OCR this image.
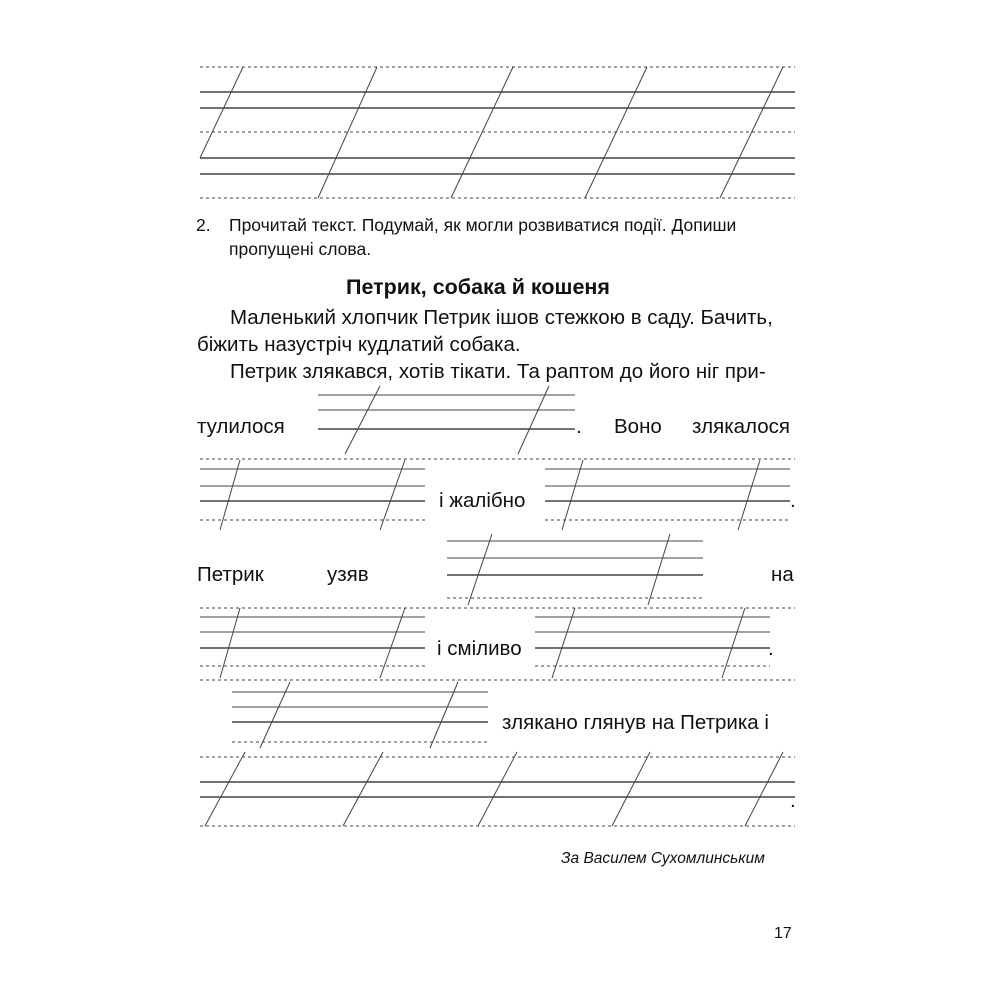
2. Прочитай текст. Подумай, як могли розвиватися події. Допиши
пропущені слова.
Петрик, собака й кошеня
Маленький хлопчик Петрик ішов стежкою в саду. Бачить,
біжить назустріч кудлатий собака.
Петрик злякався, хотів тікати. Та раптом до його ніг при-
тулилося	. Воно злякалося
і жалібно	.
Петрик	узяв	на
і сміливо	.
злякано глянув на Петрика і
.
За Василем Сухомлинським
17
